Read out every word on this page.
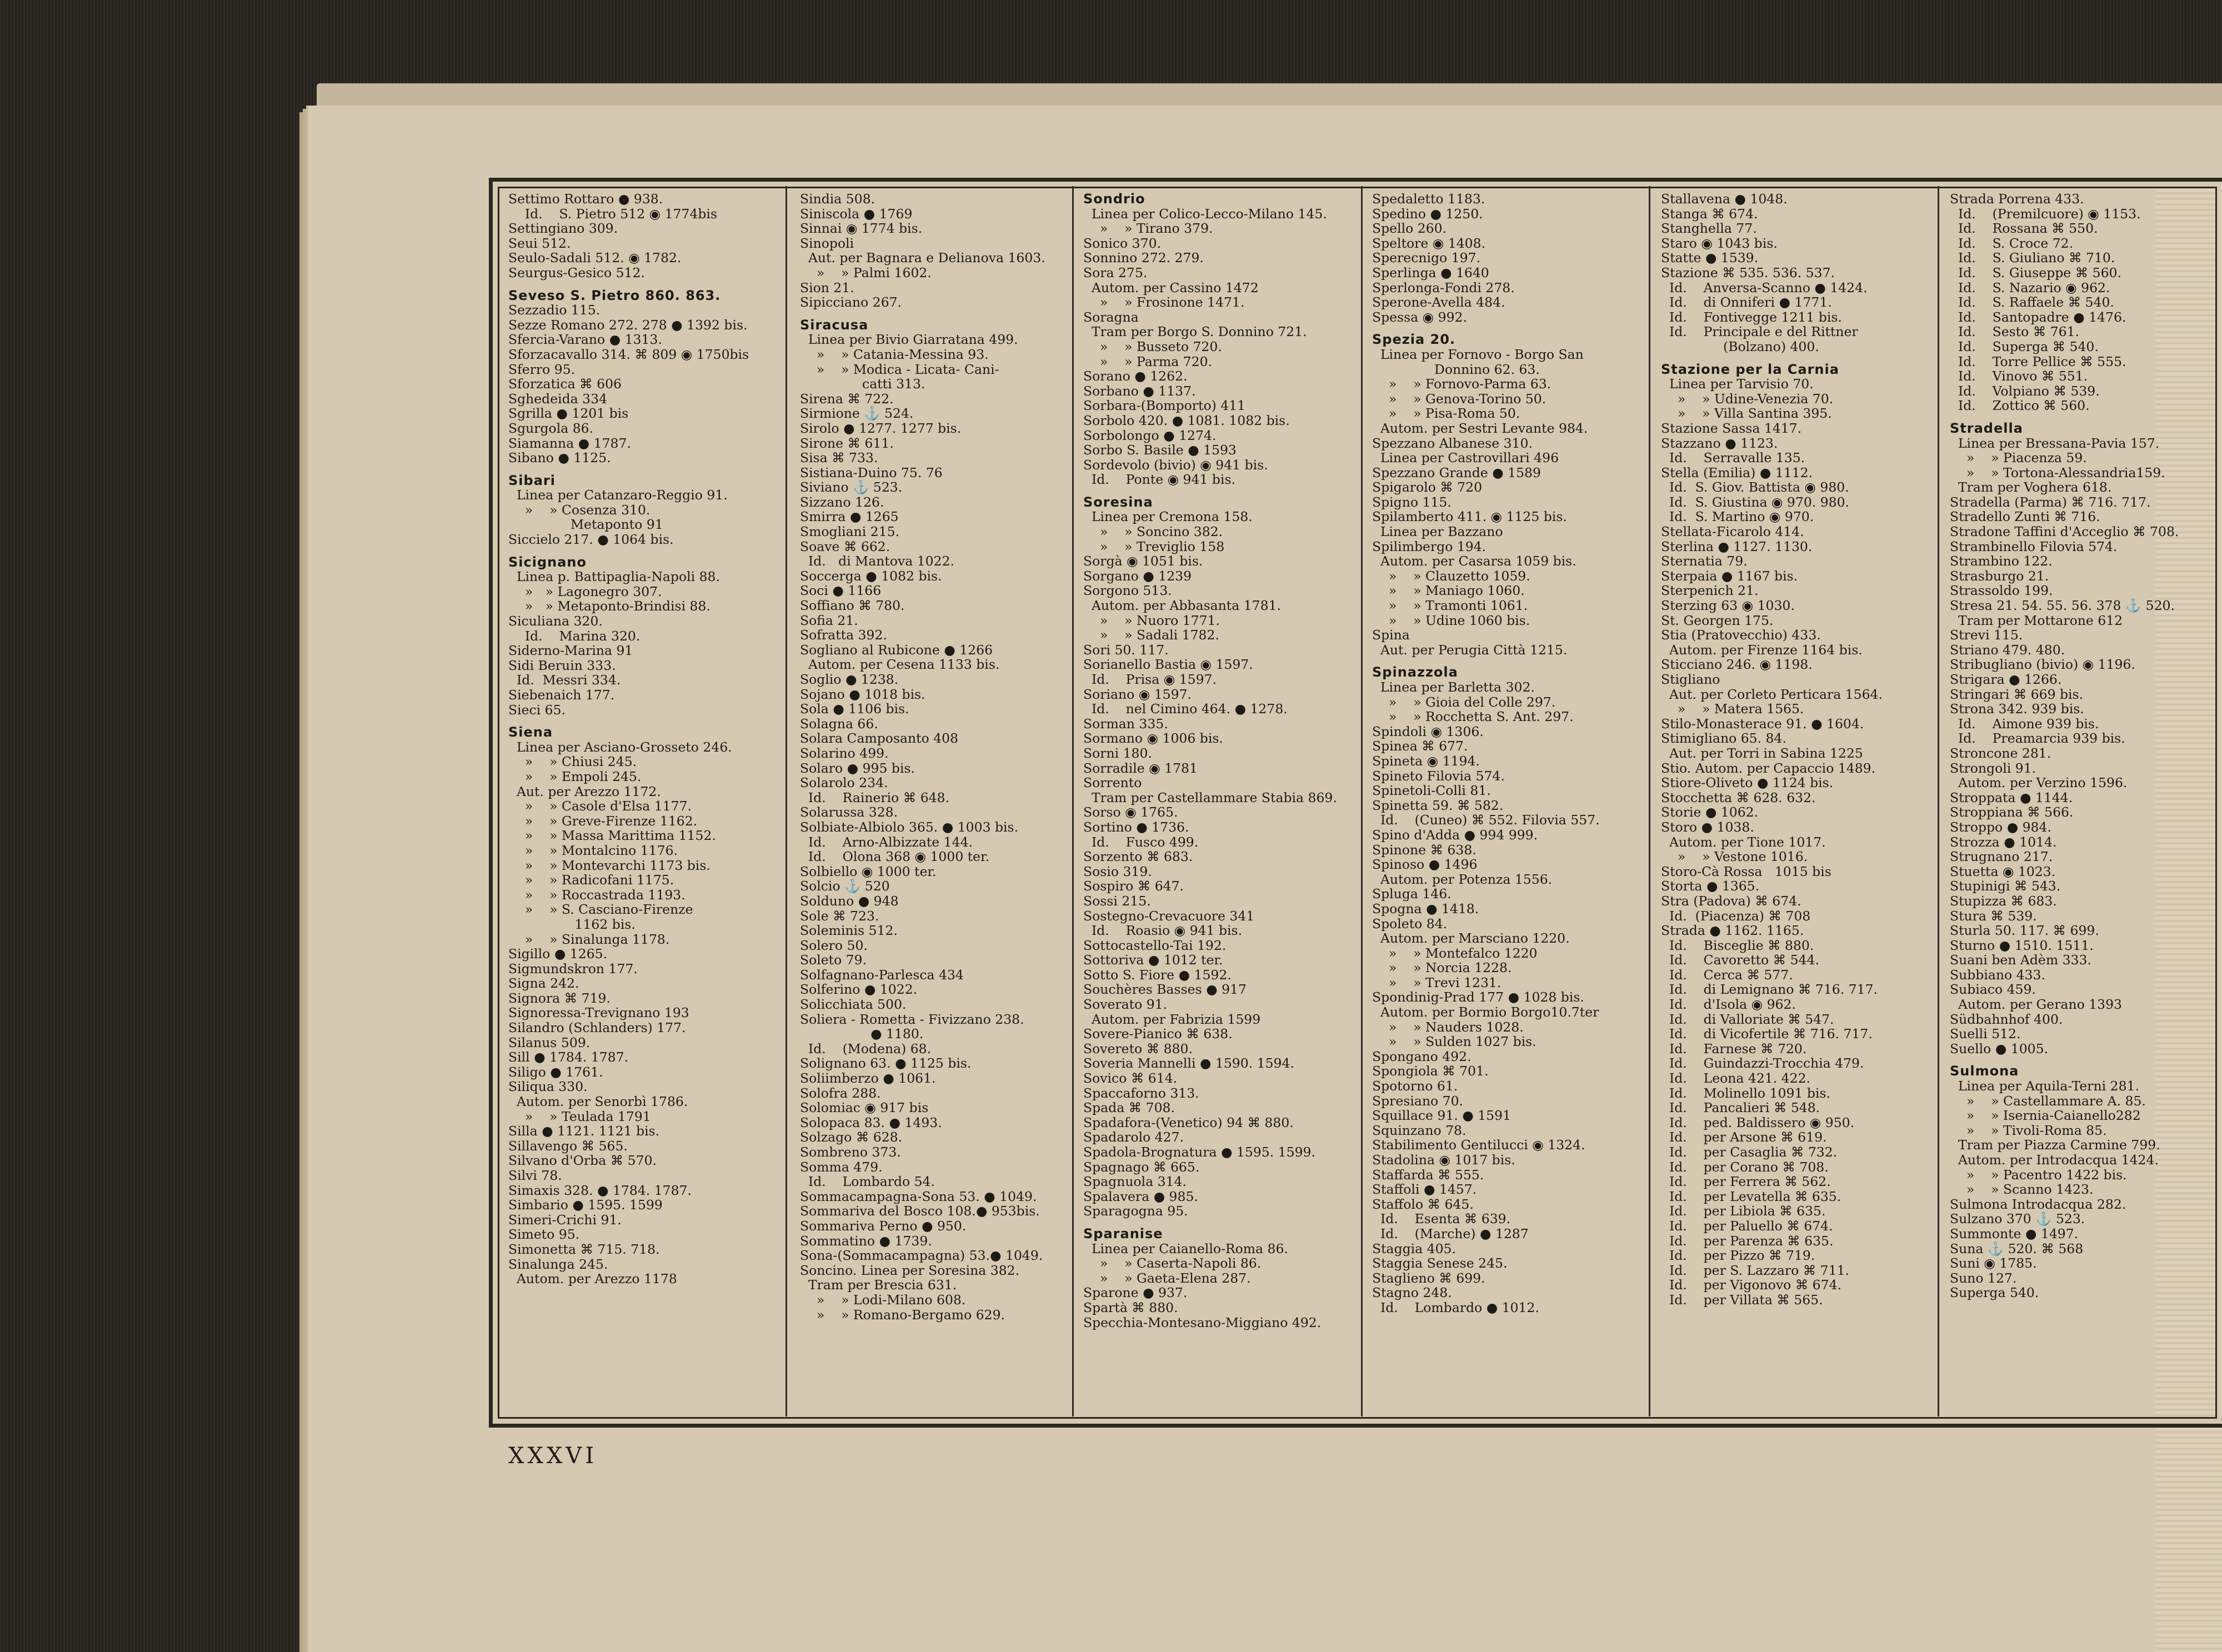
Settimo Rottaro ● 938.
Id.    S. Pietro 512 ◉ 1774bis
Settingiano 309.
Seui 512.
Seulo-Sadali 512. ◉ 1782.
Seurgus-Gesico 512.
Seveso S. Pietro 860. 863.
Sezzadio 115.
Sezze Romano 272. 278 ● 1392 bis.
Sfercia-Varano ● 1313.
Sforzacavallo 314. ⌘ 809 ◉ 1750bis
Sferro 95.
Sforzatica ⌘ 606
Sghedeida 334
Sgrilla ● 1201 bis
Sgurgola 86.
Siamanna ● 1787.
Sibano ● 1125.
Sibari
Linea per Catanzaro-Reggio 91.
»    » Cosenza 310.
Metaponto 91
Siccielo 217. ● 1064 bis.
Sicignano
Linea p. Battipaglia-Napoli 88.
»   » Lagonegro 307.
»   » Metaponto-Brindisi 88.
Siculiana 320.
Id.    Marina 320.
Siderno-Marina 91
Sidi Beruin 333.
Id.  Messri 334.
Siebenaich 177.
Sieci 65.
Siena
Linea per Asciano-Grosseto 246.
»    » Chiusi 245.
»    » Empoli 245.
Aut. per Arezzo 1172.
»    » Casole d'Elsa 1177.
»    » Greve-Firenze 1162.
»    » Massa Marittima 1152.
»    » Montalcino 1176.
»    » Montevarchi 1173 bis.
»    » Radicofani 1175.
»    » Roccastrada 1193.
»    » S. Casciano-Firenze
1162 bis.
»    » Sinalunga 1178.
Sigillo ● 1265.
Sigmundskron 177.
Signa 242.
Signora ⌘ 719.
Signoressa-Trevignano 193
Silandro (Schlanders) 177.
Silanus 509.
Sill ● 1784. 1787.
Siligo ● 1761.
Siliqua 330.
Autom. per Senorbì 1786.
»    » Teulada 1791
Silla ● 1121. 1121 bis.
Sillavengo ⌘ 565.
Silvano d'Orba ⌘ 570.
Silvi 78.
Simaxis 328. ● 1784. 1787.
Simbario ● 1595. 1599
Simeri-Crichi 91.
Simeto 95.
Simonetta ⌘ 715. 718.
Sinalunga 245.
Autom. per Arezzo 1178
Sindia 508.
Siniscola ● 1769
Sinnai ◉ 1774 bis.
Sinopoli
Aut. per Bagnara e Delianova 1603.
»    » Palmi 1602.
Sion 21.
Sipicciano 267.
Siracusa
Linea per Bivio Giarratana 499.
»    » Catania-Messina 93.
»    » Modica - Licata- Cani-
catti 313.
Sirena ⌘ 722.
Sirmione ⚓ 524.
Sirolo ● 1277. 1277 bis.
Sirone ⌘ 611.
Sisa ⌘ 733.
Sistiana-Duino 75. 76
Siviano ⚓ 523.
Sizzano 126.
Smirra ● 1265
Smogliani 215.
Soave ⌘ 662.
Id.   di Mantova 1022.
Soccerga ● 1082 bis.
Soci ● 1166
Soffiano ⌘ 780.
Sofia 21.
Sofratta 392.
Sogliano al Rubicone ● 1266
Autom. per Cesena 1133 bis.
Soglio ● 1238.
Sojano ● 1018 bis.
Sola ● 1106 bis.
Solagna 66.
Solara Camposanto 408
Solarino 499.
Solaro ● 995 bis.
Solarolo 234.
Id.    Rainerio ⌘ 648.
Solarussa 328.
Solbiate-Albiolo 365. ● 1003 bis.
Id.    Arno-Albizzate 144.
Id.    Olona 368 ◉ 1000 ter.
Solbiello ◉ 1000 ter.
Solcio ⚓ 520
Solduno ● 948
Sole ⌘ 723.
Soleminis 512.
Solero 50.
Soleto 79.
Solfagnano-Parlesca 434
Solferino ● 1022.
Solicchiata 500.
Soliera - Rometta - Fivizzano 238.
● 1180.
Id.    (Modena) 68.
Solignano 63. ● 1125 bis.
Soliimberzo ● 1061.
Solofra 288.
Solomiac ◉ 917 bis
Solopaca 83. ● 1493.
Solzago ⌘ 628.
Sombreno 373.
Somma 479.
Id.    Lombardo 54.
Sommacampagna-Sona 53. ● 1049.
Sommariva del Bosco 108.● 953bis.
Sommariva Perno ● 950.
Sommatino ● 1739.
Sona-(Sommacampagna) 53.● 1049.
Soncino. Linea per Soresina 382.
Tram per Brescia 631.
»    » Lodi-Milano 608.
»    » Romano-Bergamo 629.
Sondrio
Linea per Colico-Lecco-Milano 145.
»    » Tirano 379.
Sonico 370.
Sonnino 272. 279.
Sora 275.
Autom. per Cassino 1472
»    » Frosinone 1471.
Soragna
Tram per Borgo S. Donnino 721.
»    » Busseto 720.
»    » Parma 720.
Sorano ● 1262.
Sorbano ● 1137.
Sorbara-(Bomporto) 411
Sorbolo 420. ● 1081. 1082 bis.
Sorbolongo ● 1274.
Sorbo S. Basile ● 1593
Sordevolo (bivio) ◉ 941 bis.
Id.    Ponte ◉ 941 bis.
Soresina
Linea per Cremona 158.
»    » Soncino 382.
»    » Treviglio 158
Sorgà ◉ 1051 bis.
Sorgano ● 1239
Sorgono 513.
Autom. per Abbasanta 1781.
»    » Nuoro 1771.
»    » Sadali 1782.
Sori 50. 117.
Sorianello Bastia ◉ 1597.
Id.    Prisa ◉ 1597.
Soriano ◉ 1597.
Id.    nel Cimino 464. ● 1278.
Sorman 335.
Sormano ◉ 1006 bis.
Sorni 180.
Sorradile ◉ 1781
Sorrento
Tram per Castellammare Stabia 869.
Sorso ◉ 1765.
Sortino ● 1736.
Id.    Fusco 499.
Sorzento ⌘ 683.
Sosio 319.
Sospiro ⌘ 647.
Sossi 215.
Sostegno-Crevacuore 341
Id.    Roasio ◉ 941 bis.
Sottocastello-Tai 192.
Sottoriva ● 1012 ter.
Sotto S. Fiore ● 1592.
Souchères Basses ● 917
Soverato 91.
Autom. per Fabrizia 1599
Sovere-Pianico ⌘ 638.
Sovereto ⌘ 880.
Soveria Mannelli ● 1590. 1594.
Sovico ⌘ 614.
Spaccaforno 313.
Spada ⌘ 708.
Spadafora-(Venetico) 94 ⌘ 880.
Spadarolo 427.
Spadola-Brognatura ● 1595. 1599.
Spagnago ⌘ 665.
Spagnuola 314.
Spalavera ● 985.
Sparagogna 95.
Sparanise
Linea per Caianello-Roma 86.
»    » Caserta-Napoli 86.
»    » Gaeta-Elena 287.
Sparone ● 937.
Spartà ⌘ 880.
Specchia-Montesano-Miggiano 492.
Spedaletto 1183.
Spedino ● 1250.
Spello 260.
Speltore ◉ 1408.
Sperecnigo 197.
Sperlinga ● 1640
Sperlonga-Fondi 278.
Sperone-Avella 484.
Spessa ◉ 992.
Spezia 20.
Linea per Fornovo - Borgo San
Donnino 62. 63.
»    » Fornovo-Parma 63.
»    » Genova-Torino 50.
»    » Pisa-Roma 50.
Autom. per Sestri Levante 984.
Spezzano Albanese 310.
Linea per Castrovillari 496
Spezzano Grande ● 1589
Spigarolo ⌘ 720
Spigno 115.
Spilamberto 411. ◉ 1125 bis.
Linea per Bazzano
Spilimbergo 194.
Autom. per Casarsa 1059 bis.
»    » Clauzetto 1059.
»    » Maniago 1060.
»    » Tramonti 1061.
»    » Udine 1060 bis.
Spina
Aut. per Perugia Città 1215.
Spinazzola
Linea per Barletta 302.
»    » Gioia del Colle 297.
»    » Rocchetta S. Ant. 297.
Spindoli ◉ 1306.
Spinea ⌘ 677.
Spineta ◉ 1194.
Spineto Filovia 574.
Spinetoli-Colli 81.
Spinetta 59. ⌘ 582.
Id.    (Cuneo) ⌘ 552. Filovia 557.
Spino d'Adda ● 994 999.
Spinone ⌘ 638.
Spinoso ● 1496
Autom. per Potenza 1556.
Spluga 146.
Spogna ● 1418.
Spoleto 84.
Autom. per Marsciano 1220.
»    » Montefalco 1220
»    » Norcia 1228.
»    » Trevi 1231.
Spondinig-Prad 177 ● 1028 bis.
Autom. per Bormio Borgo10.7ter
»    » Nauders 1028.
»    » Sulden 1027 bis.
Spongano 492.
Spongiola ⌘ 701.
Spotorno 61.
Spresiano 70.
Squillace 91. ● 1591
Squinzano 78.
Stabilimento Gentilucci ◉ 1324.
Stadolina ◉ 1017 bis.
Staffarda ⌘ 555.
Staffoli ● 1457.
Staffolo ⌘ 645.
Id.    Esenta ⌘ 639.
Id.    (Marche) ● 1287
Staggia 405.
Staggia Senese 245.
Staglieno ⌘ 699.
Stagno 248.
Id.    Lombardo ● 1012.
Stallavena ● 1048.
Stanga ⌘ 674.
Stanghella 77.
Staro ◉ 1043 bis.
Statte ● 1539.
Stazione ⌘ 535. 536. 537.
Id.    Anversa-Scanno ● 1424.
Id.    di Onniferi ● 1771.
Id.    Fontivegge 1211 bis.
Id.    Principale e del Rittner
(Bolzano) 400.
Stazione per la Carnia
Linea per Tarvisio 70.
»    » Udine-Venezia 70.
»    » Villa Santina 395.
Stazione Sassa 1417.
Stazzano ● 1123.
Id.    Serravalle 135.
Stella (Emilia) ● 1112.
Id.  S. Giov. Battista ◉ 980.
Id.  S. Giustina ◉ 970. 980.
Id.  S. Martino ◉ 970.
Stellata-Ficarolo 414.
Sterlina ● 1127. 1130.
Sternatia 79.
Sterpaia ● 1167 bis.
Sterpenich 21.
Sterzing 63 ◉ 1030.
St. Georgen 175.
Stia (Pratovecchio) 433.
Autom. per Firenze 1164 bis.
Sticciano 246. ◉ 1198.
Stigliano
Aut. per Corleto Perticara 1564.
»    » Matera 1565.
Stilo-Monasterace 91. ● 1604.
Stimigliano 65. 84.
Aut. per Torri in Sabina 1225
Stio. Autom. per Capaccio 1489.
Stiore-Oliveto ● 1124 bis.
Stocchetta ⌘ 628. 632.
Storie ● 1062.
Storo ● 1038.
Autom. per Tione 1017.
»    » Vestone 1016.
Storo-Cà Rossa   1015 bis
Storta ● 1365.
Stra (Padova) ⌘ 674.
Id.  (Piacenza) ⌘ 708
Strada ● 1162. 1165.
Id.    Bisceglie ⌘ 880.
Id.    Cavoretto ⌘ 544.
Id.    Cerca ⌘ 577.
Id.    di Lemignano ⌘ 716. 717.
Id.    d'Isola ◉ 962.
Id.    di Valloriate ⌘ 547.
Id.    di Vicofertile ⌘ 716. 717.
Id.    Farnese ⌘ 720.
Id.    Guindazzi-Trocchia 479.
Id.    Leona 421. 422.
Id.    Molinello 1091 bis.
Id.    Pancalieri ⌘ 548.
Id.    ped. Baldissero ◉ 950.
Id.    per Arsone ⌘ 619.
Id.    per Casaglia ⌘ 732.
Id.    per Corano ⌘ 708.
Id.    per Ferrera ⌘ 562.
Id.    per Levatella ⌘ 635.
Id.    per Libiola ⌘ 635.
Id.    per Paluello ⌘ 674.
Id.    per Parenza ⌘ 635.
Id.    per Pizzo ⌘ 719.
Id.    per S. Lazzaro ⌘ 711.
Id.    per Vigonovo ⌘ 674.
Id.    per Villata ⌘ 565.
Strada Porrena 433.
Id.    (Premilcuore) ◉ 1153.
Id.    Rossana ⌘ 550.
Id.    S. Croce 72.
Id.    S. Giuliano ⌘ 710.
Id.    S. Giuseppe ⌘ 560.
Id.    S. Nazario ◉ 962.
Id.    S. Raffaele ⌘ 540.
Id.    Santopadre ● 1476.
Id.    Sesto ⌘ 761.
Id.    Superga ⌘ 540.
Id.    Torre Pellice ⌘ 555.
Id.    Vinovo ⌘ 551.
Id.    Volpiano ⌘ 539.
Id.    Zottico ⌘ 560.
Stradella
Linea per Bressana-Pavia 157.
»    » Piacenza 59.
»    » Tortona-Alessandria159.
Tram per Voghera 618.
Stradella (Parma) ⌘ 716. 717.
Stradello Zunti ⌘ 716.
Stradone Taffini d'Acceglio ⌘ 708.
Strambinello Filovia 574.
Strambino 122.
Strasburgo 21.
Strassoldo 199.
Stresa 21. 54. 55. 56. 378 ⚓ 520.
Tram per Mottarone 612
Strevi 115.
Striano 479. 480.
Stribugliano (bivio) ◉ 1196.
Strigara ● 1266.
Stringari ⌘ 669 bis.
Strona 342. 939 bis.
Id.    Aimone 939 bis.
Id.    Preamarcia 939 bis.
Stroncone 281.
Strongoli 91.
Autom. per Verzino 1596.
Stroppata ● 1144.
Stroppiana ⌘ 566.
Stroppo ● 984.
Strozza ● 1014.
Strugnano 217.
Stuetta ◉ 1023.
Stupinigi ⌘ 543.
Stupizza ⌘ 683.
Stura ⌘ 539.
Sturla 50. 117. ⌘ 699.
Sturno ● 1510. 1511.
Suani ben Adèm 333.
Subbiano 433.
Subiaco 459.
Autom. per Gerano 1393
Südbahnhof 400.
Suelli 512.
Suello ● 1005.
Sulmona
Linea per Aquila-Terni 281.
»    » Castellammare A. 85.
»    » Isernia-Caianello282
»    » Tivoli-Roma 85.
Tram per Piazza Carmine 799.
Autom. per Introdacqua 1424.
»    » Pacentro 1422 bis.
»    » Scanno 1423.
Sulmona Introdacqua 282.
Sulzano 370 ⚓ 523.
Summonte ● 1497.
Suna ⚓ 520. ⌘ 568
Suni ◉ 1785.
Suno 127.
Superga 540.
XXXVI
